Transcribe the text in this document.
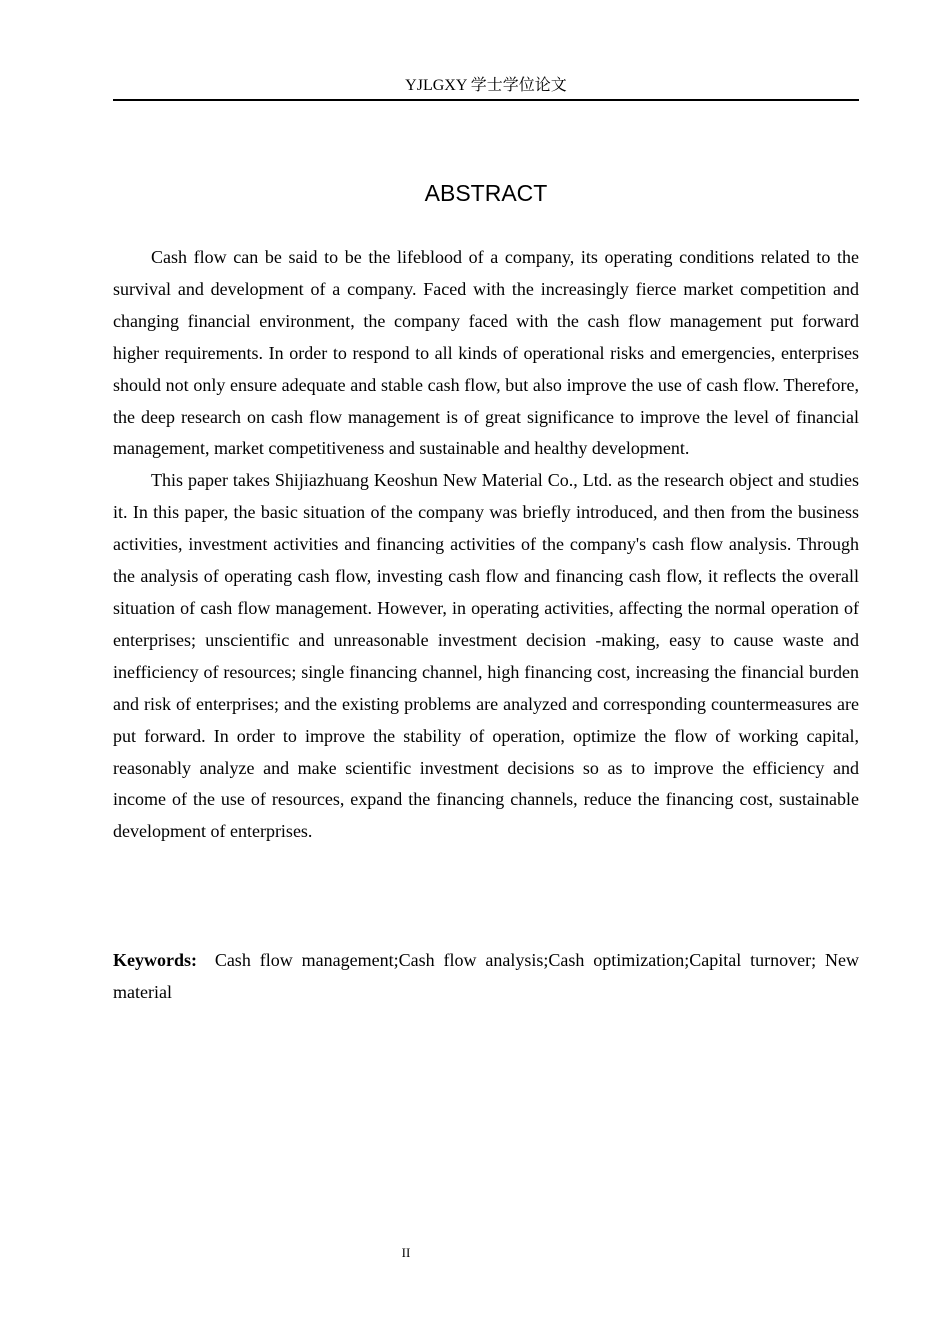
YJLGXY 学士学位论文
ABSTRACT

Cash flow can be said to be the lifeblood of a company, its operating conditions related to the survival and development of a company. Faced with the increasingly fierce market competition and changing financial environment, the company faced with the cash flow management put forward higher requirements. In order to respond to all kinds of operational risks and emergencies, enterprises should not only ensure adequate and stable cash flow, but also improve the use of cash flow. Therefore, the deep research on cash flow management is of great significance to improve the level of financial management, market competitiveness and sustainable and healthy development.

This paper takes Shijiazhuang Keoshun New Material Co., Ltd. as the research object and studies it. In this paper, the basic situation of the company was briefly introduced, and then from the business activities, investment activities and financing activities of the company's cash flow analysis. Through the analysis of operating cash flow, investing cash flow and financing cash flow, it reflects the overall situation of cash flow management. However, in operating activities, affecting the normal operation of enterprises; unscientific and unreasonable investment decision -making, easy to cause waste and inefficiency of resources; single financing channel, high financing cost, increasing the financial burden and risk of enterprises; and the existing problems are analyzed and corresponding countermeasures are put forward. In order to improve the stability of operation, optimize the flow of working capital, reasonably analyze and make scientific investment decisions so as to improve the efficiency and income of the use of resources, expand the financing channels, reduce the financing cost, sustainable development of enterprises.

Keywords: Cash flow management;Cash flow analysis;Cash optimization;Capital turnover; New material

II
